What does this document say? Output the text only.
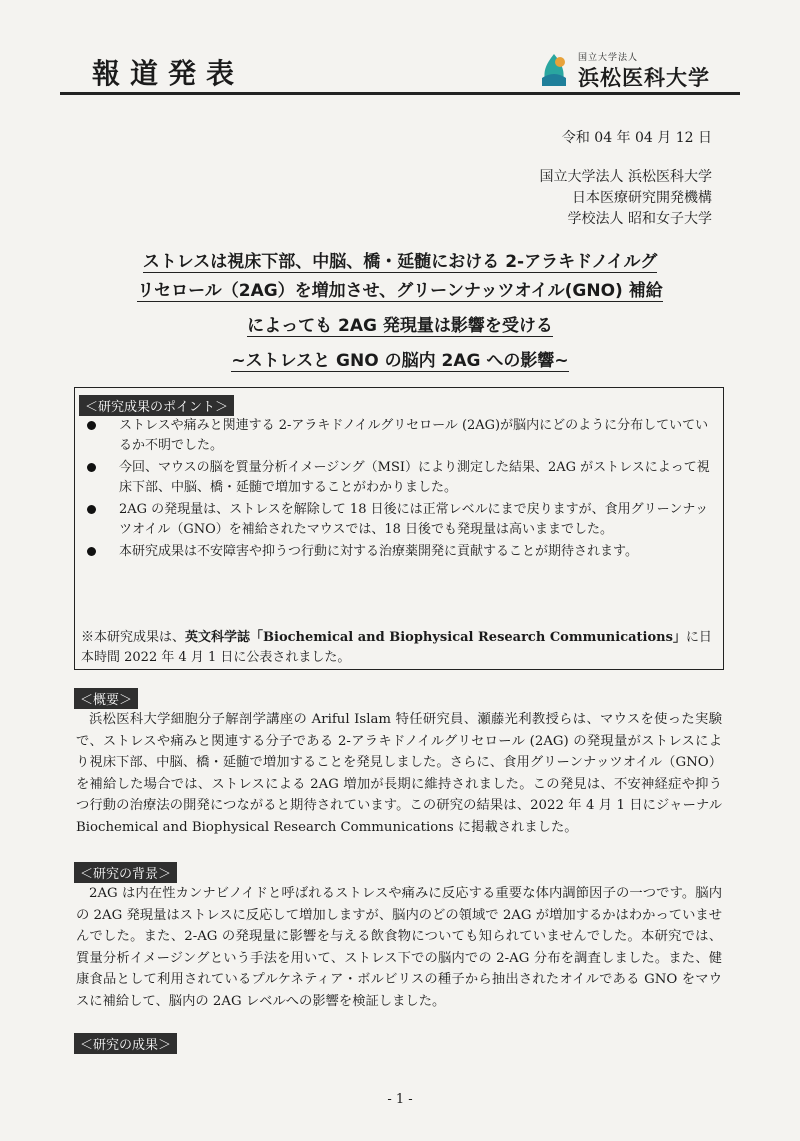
報道発表	国立大学法人
浜松医科大学
令和 04 年 04 月 12 日
国立大学法人 浜松医科大学
日本医療研究開発機構
学校法人 昭和女子大学
ストレスは視床下部、中脳、橋・延髄における 2-アラキドノイルグ
リセロール（2AG）を増加させ、グリーンナッツオイル(GNO) 補給
によっても 2AG 発現量は影響を受ける
~ストレスと GNO の脳内 2AG への影響~
＜研究成果のポイント＞
ストレスや痛みと関連する 2-アラキドノイルグリセロール (2AG)が脳内にどのように分布していているか不明でした。
今回、マウスの脳を質量分析イメージング（MSI）により測定した結果、2AG がストレスによって視床下部、中脳、橋・延髄で増加することがわかりました。
2AG の発現量は、ストレスを解除して 18 日後には正常レベルにまで戻りますが、食用グリーンナッツオイル（GNO）を補給されたマウスでは、18 日後でも発現量は高いままでした。
本研究成果は不安障害や抑うつ行動に対する治療薬開発に貢献することが期待されます。
※本研究成果は、英文科学誌「Biochemical and Biophysical Research Communications」に日本時間 2022 年 4 月 1 日に公表されました。
＜概要＞
浜松医科大学細胞分子解剖学講座の Ariful Islam 特任研究員、瀬藤光利教授らは、マウスを使った実験で、ストレスや痛みと関連する分子である 2-アラキドノイルグリセロール (2AG) の発現量がストレスにより視床下部、中脳、橋・延髄で増加することを発見しました。さらに、食用グリーンナッツオイル（GNO）を補給した場合では、ストレスによる 2AG 増加が長期に維持されました。この発見は、不安神経症や抑うつ行動の治療法の開発につながると期待されています。この研究の結果は、2022 年 4 月 1 日にジャーナル Biochemical and Biophysical Research Communications に掲載されました。
＜研究の背景＞
2AG は内在性カンナビノイドと呼ばれるストレスや痛みに反応する重要な体内調節因子の一つです。脳内の 2AG 発現量はストレスに反応して増加しますが、脳内のどの領域で 2AG が増加するかはわかっていませんでした。また、2-AG の発現量に影響を与える飲食物についても知られていませんでした。本研究では、質量分析イメージングという手法を用いて、ストレス下での脳内での 2-AG 分布を調査しました。また、健康食品として利用されているプルケネティア・ボルビリスの種子から抽出されたオイルである GNO をマウスに補給して、脳内の 2AG レベルへの影響を検証しました。
＜研究の成果＞
- 1 -
